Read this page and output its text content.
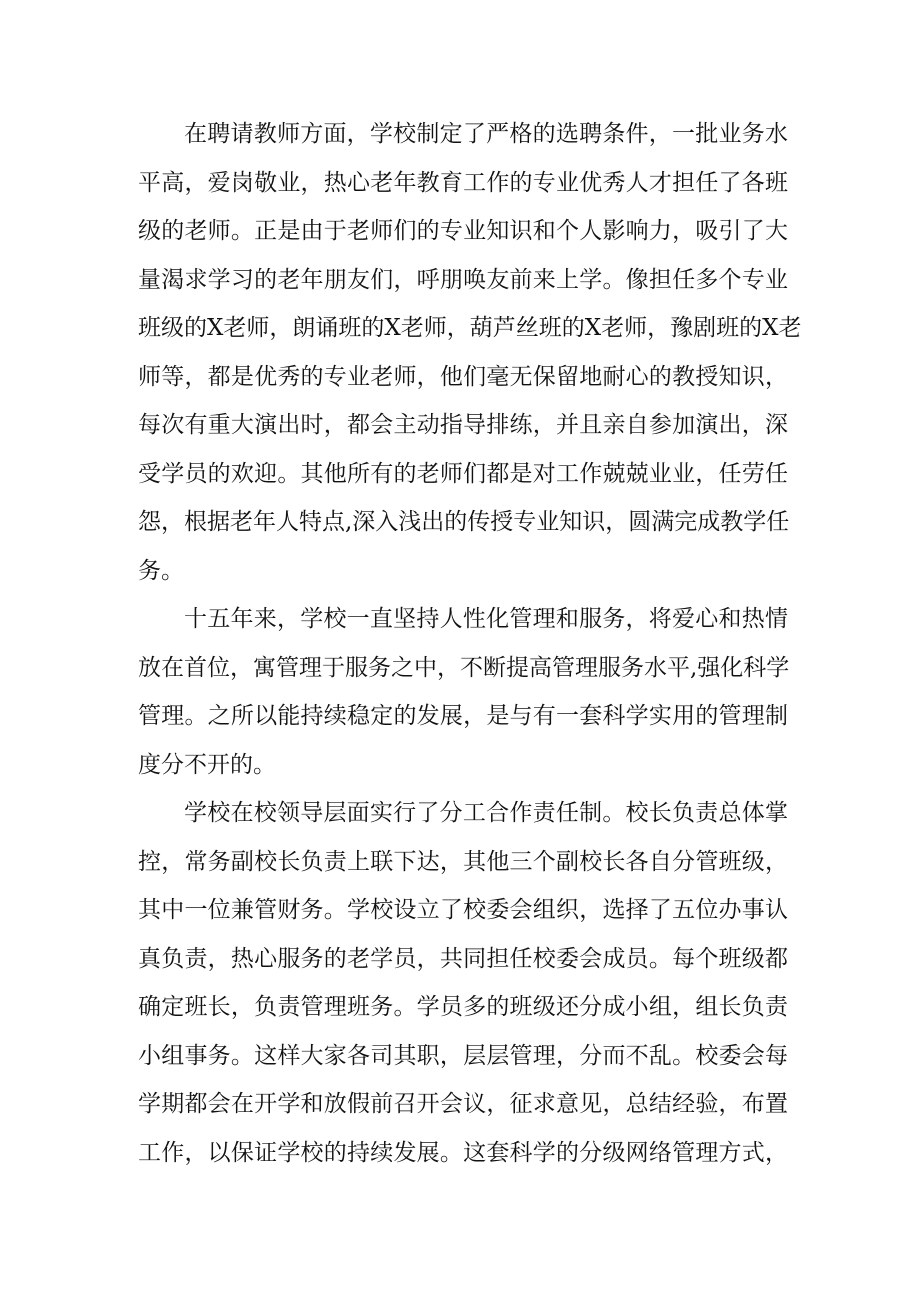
在聘请教师方面，学校制定了严格的选聘条件，一批业务水
平高，爱岗敬业，热心老年教育工作的专业优秀人才担任了各班
级的老师。正是由于老师们的专业知识和个人影响力，吸引了大
量渴求学习的老年朋友们，呼朋唤友前来上学。像担任多个专业
班级的X老师，朗诵班的X老师，葫芦丝班的X老师，豫剧班的X老
师等，都是优秀的专业老师，他们毫无保留地耐心的教授知识，
每次有重大演出时，都会主动指导排练，并且亲自参加演出，深
受学员的欢迎。其他所有的老师们都是对工作兢兢业业，任劳任
怨，根据老年人特点,深入浅出的传授专业知识，圆满完成教学任
务。
十五年来，学校一直坚持人性化管理和服务，将爱心和热情
放在首位，寓管理于服务之中，不断提高管理服务水平,强化科学
管理。之所以能持续稳定的发展，是与有一套科学实用的管理制
度分不开的。
学校在校领导层面实行了分工合作责任制。校长负责总体掌
控，常务副校长负责上联下达，其他三个副校长各自分管班级，
其中一位兼管财务。学校设立了校委会组织，选择了五位办事认
真负责，热心服务的老学员，共同担任校委会成员。每个班级都
确定班长，负责管理班务。学员多的班级还分成小组，组长负责
小组事务。这样大家各司其职，层层管理，分而不乱。校委会每
学期都会在开学和放假前召开会议，征求意见，总结经验，布置
工作，以保证学校的持续发展。这套科学的分级网络管理方式，
